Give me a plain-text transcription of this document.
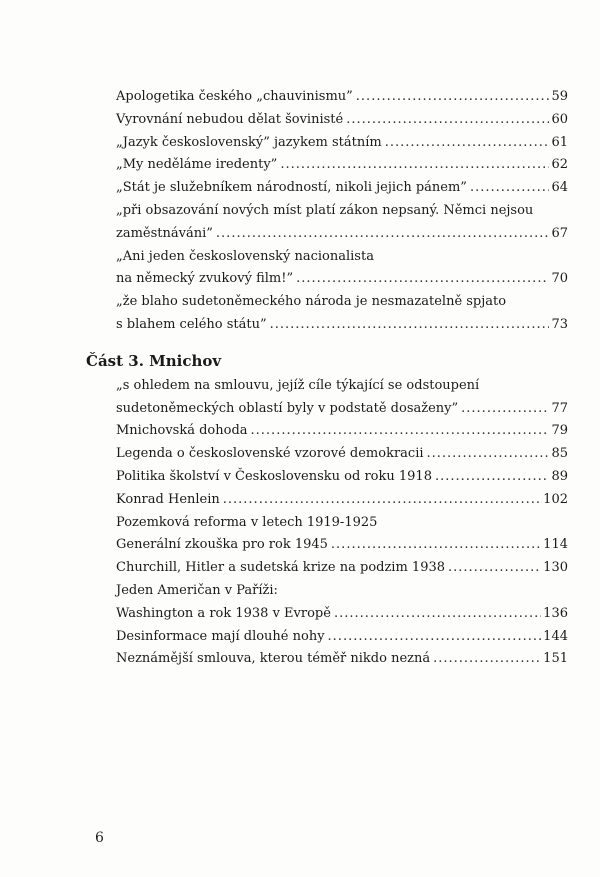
Apologetika českého „chauvinismu” .....	59
Vyrovnání nebudou dělat šovinisté .....	60
„Jazyk československý” jazykem státním .....	61
„My neděláme iredenty” .....	62
„Stát je služebníkem národností, nikoli jejich pánem” .....	64
„při obsazování nových míst platí zákon nepsaný. Němci nejsou
zaměstnáváni” .....	67
„Ani jeden československý nacionalista
na německý zvukový film!” .....	70
„že blaho sudetoněmeckého národa je nesmazatelně spjato
s blahem celého státu” .....	73
Část 3. Mnichov
„s ohledem na smlouvu, jejíž cíle týkající se odstoupení
sudetoněmeckých oblastí byly v podstatě dosaženy” .....	77
Mnichovská dohoda .....	79
Legenda o československé vzorové demokracii .....	85
Politika školství v Československu od roku 1918 .....	89
Konrad Henlein .....	102
Pozemková reforma v letech 1919-1925
Generální zkouška pro rok 1945 .....	114
Churchill, Hitler a sudetská krize na podzim 1938 .....	130
Jeden Američan v Paříži:
Washington a rok 1938 v Evropě .....	136
Desinformace mají dlouhé nohy .....	144
Neznámější smlouva, kterou téměř nikdo nezná .....	151
6
